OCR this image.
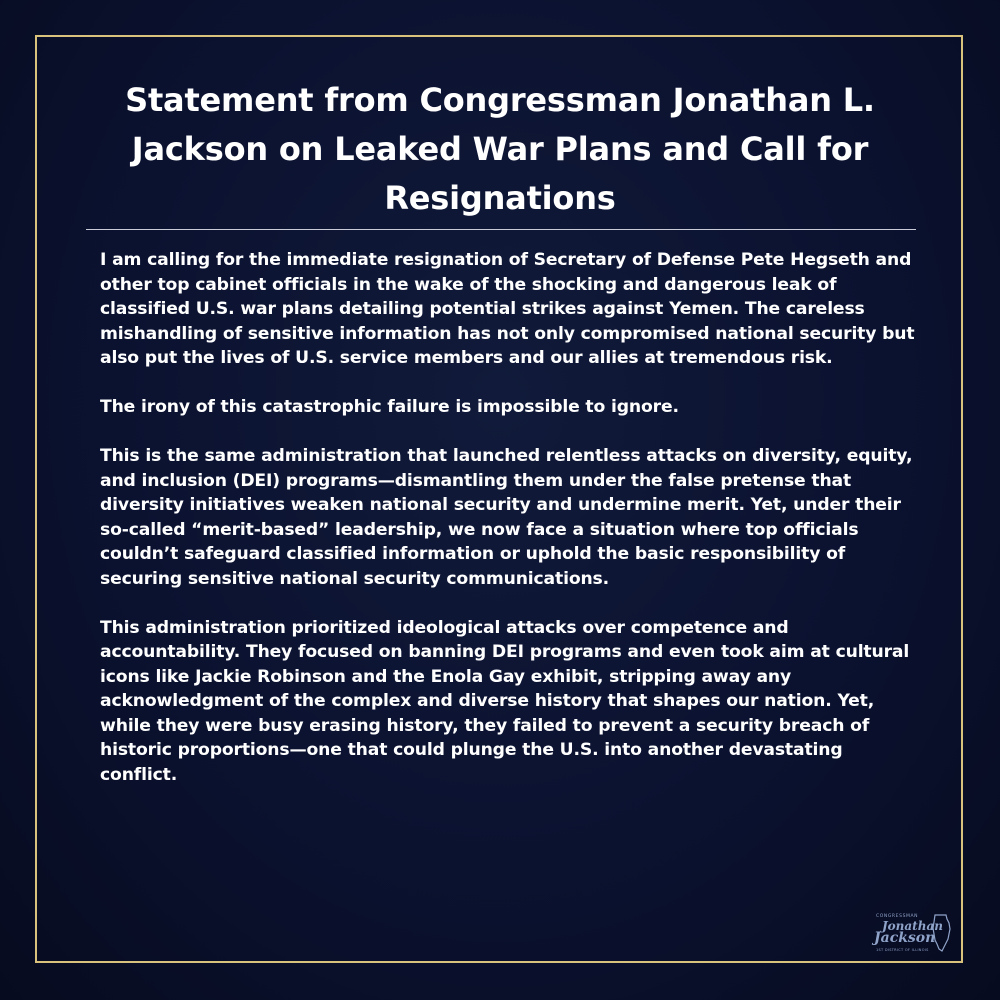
Statement from Congressman Jonathan L. Jackson on Leaked War Plans and Call for Resignations

I am calling for the immediate resignation of Secretary of Defense Pete Hegseth and other top cabinet officials in the wake of the shocking and dangerous leak of classified U.S. war plans detailing potential strikes against Yemen. The careless mishandling of sensitive information has not only compromised national security but also put the lives of U.S. service members and our allies at tremendous risk.

The irony of this catastrophic failure is impossible to ignore.

This is the same administration that launched relentless attacks on diversity, equity, and inclusion (DEI) programs—dismantling them under the false pretense that diversity initiatives weaken national security and undermine merit. Yet, under their so-called “merit-based” leadership, we now face a situation where top officials couldn’t safeguard classified information or uphold the basic responsibility of securing sensitive national security communications.

This administration prioritized ideological attacks over competence and accountability. They focused on banning DEI programs and even took aim at cultural icons like Jackie Robinson and the Enola Gay exhibit, stripping away any acknowledgment of the complex and diverse history that shapes our nation. Yet, while they were busy erasing history, they failed to prevent a security breach of historic proportions—one that could plunge the U.S. into another devastating conflict.

CONGRESSMAN
Jonathan
Jackson
1ST DISTRICT OF ILLINOIS
